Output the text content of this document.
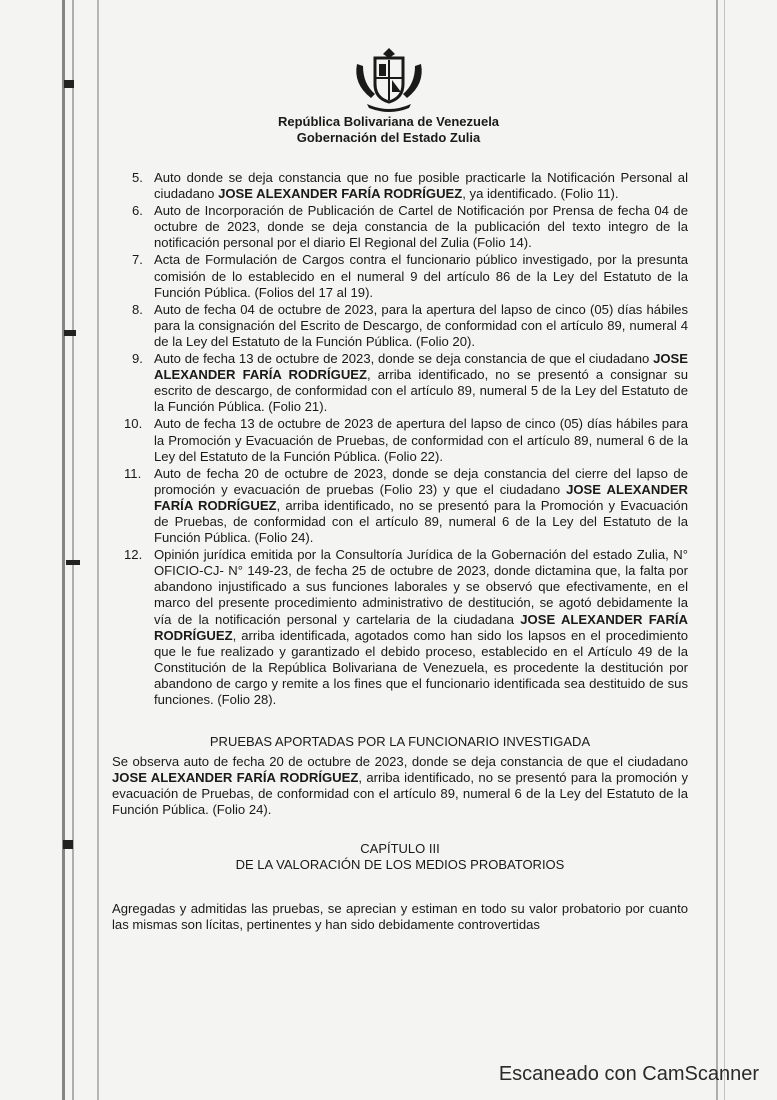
República Bolivariana de Venezuela
Gobernación del Estado Zulia
5. Auto donde se deja constancia que no fue posible practicarle la Notificación Personal al ciudadano JOSE ALEXANDER FARÍA RODRÍGUEZ, ya identificado. (Folio 11).
6. Auto de Incorporación de Publicación de Cartel de Notificación por Prensa de fecha 04 de octubre de 2023, donde se deja constancia de la publicación del texto integro de la notificación personal por el diario El Regional del Zulia (Folio 14).
7. Acta de Formulación de Cargos contra el funcionario público investigado, por la presunta comisión de lo establecido en el numeral 9 del artículo 86 de la Ley del Estatuto de la Función Pública. (Folios del 17 al 19).
8. Auto de fecha 04 de octubre de 2023, para la apertura del lapso de cinco (05) días hábiles para la consignación del Escrito de Descargo, de conformidad con el artículo 89, numeral 4 de la Ley del Estatuto de la Función Pública. (Folio 20).
9. Auto de fecha 13 de octubre de 2023, donde se deja constancia de que el ciudadano JOSE ALEXANDER FARÍA RODRÍGUEZ, arriba identificado, no se presentó a consignar su escrito de descargo, de conformidad con el artículo 89, numeral 5 de la Ley del Estatuto de la Función Pública. (Folio 21).
10. Auto de fecha 13 de octubre de 2023 de apertura del lapso de cinco (05) días hábiles para la Promoción y Evacuación de Pruebas, de conformidad con el artículo 89, numeral 6 de la Ley del Estatuto de la Función Pública. (Folio 22).
11. Auto de fecha 20 de octubre de 2023, donde se deja constancia del cierre del lapso de promoción y evacuación de pruebas (Folio 23) y que el ciudadano JOSE ALEXANDER FARÍA RODRÍGUEZ, arriba identificado, no se presentó para la Promoción y Evacuación de Pruebas, de conformidad con el artículo 89, numeral 6 de la Ley del Estatuto de la Función Pública. (Folio 24).
12. Opinión jurídica emitida por la Consultoría Jurídica de la Gobernación del estado Zulia, N° OFICIO-CJ- N° 149-23, de fecha 25 de octubre de 2023, donde dictamina que, la falta por abandono injustificado a sus funciones laborales y se observó que efectivamente, en el marco del presente procedimiento administrativo de destitución, se agotó debidamente la vía de la notificación personal y cartelaria de la ciudadana JOSE ALEXANDER FARÍA RODRÍGUEZ, arriba identificada, agotados como han sido los lapsos en el procedimiento que le fue realizado y garantizado el debido proceso, establecido en el Artículo 49 de la Constitución de la República Bolivariana de Venezuela, es procedente la destitución por abandono de cargo y remite a los fines que el funcionario identificada sea destituido de sus funciones. (Folio 28).
PRUEBAS APORTADAS POR LA FUNCIONARIO INVESTIGADA

Se observa auto de fecha 20 de octubre de 2023, donde se deja constancia de que el ciudadano JOSE ALEXANDER FARÍA RODRÍGUEZ, arriba identificado, no se presentó para la promoción y evacuación de Pruebas, de conformidad con el artículo 89, numeral 6 de la Ley del Estatuto de la Función Pública. (Folio 24).

CAPÍTULO III
DE LA VALORACIÓN DE LOS MEDIOS PROBATORIOS

Agregadas y admitidas las pruebas, se aprecian y estiman en todo su valor probatorio por cuanto las mismas son lícitas, pertinentes y han sido debidamente controvertidas

Escaneado con CamScanner
